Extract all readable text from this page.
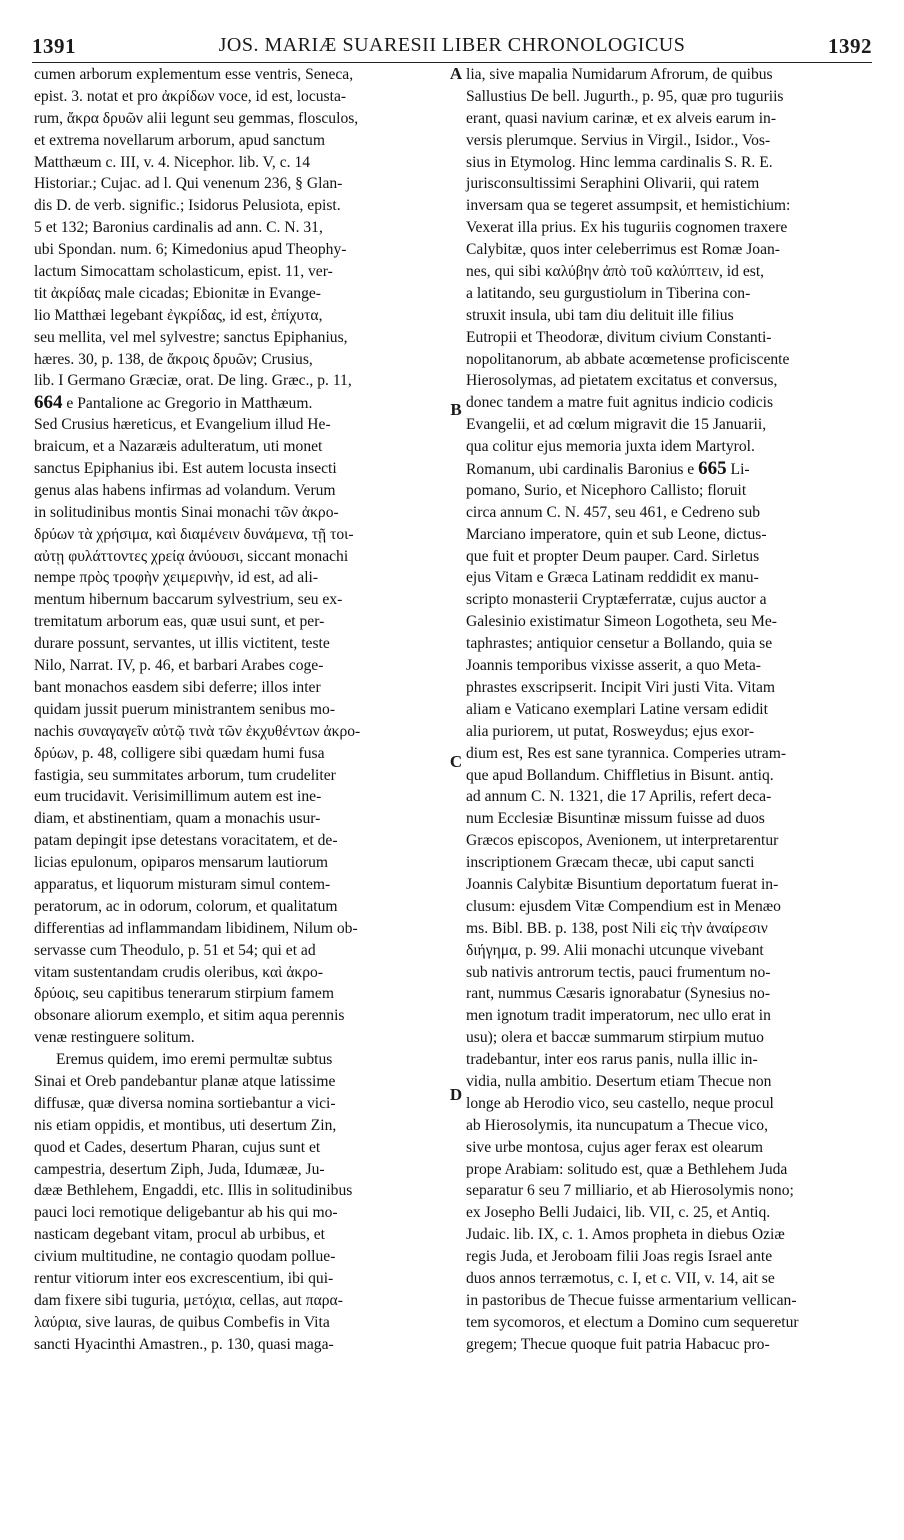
1391	JOS. MARIÆ SUARESII LIBER CHRONOLOGICUS	1392
cumen arborum explementum esse ventris, Seneca,
epist. 3. notat et pro ἀκρίδων voce, id est, locusta-
rum, ἄκρα δρυῶν alii legunt seu gemmas, flosculos,
et extrema novellarum arborum, apud sanctum
Matthæum c. III, v. 4. Nicephor. lib. V, c. 14
Historiar.; Cujac. ad l. Qui venenum 236, § Glan-
dis D. de verb. signific.; Isidorus Pelusiota, epist.
5 et 132; Baronius cardinalis ad ann. C. N. 31,
ubi Spondan. num. 6; Kimedonius apud Theophy-
lactum Simocattam scholasticum, epist. 11, ver-
tit ἀκρίδας male cicadas; Ebionitæ in Evange-
lio Matthæi legebant ἐγκρίδας, id est, ἐπίχυτα,
seu mellita, vel mel sylvestre; sanctus Epiphanius,
hæres. 30, p. 138, de ἄκροις δρυῶν; Crusius,
lib. I Germano Græciæ, orat. De ling. Græc., p. 11,
664 e Pantalione ac Gregorio in Matthæum.
Sed Crusius hæreticus, et Evangelium illud He-
braicum, et a Nazaræis adulteratum, uti monet
sanctus Epiphanius ibi. Est autem locusta insecti
genus alas habens infirmas ad volandum. Verum
in solitudinibus montis Sinai monachi τῶν ἀκρο-
δρύων τὰ χρήσιμα, καὶ διαμένειν δυνάμενα, τῇ τοι-
αὐτῃ φυλάττοντες χρείᾳ ἀνύουσι, siccant monachi
nempe πρὸς τροφὴν χειμερινὴν, id est, ad ali-
mentum hibernum baccarum sylvestrium, seu ex-
tremitatum arborum eas, quæ usui sunt, et per-
durare possunt, servantes, ut illis victitent, teste
Nilo, Narrat. IV, p. 46, et barbari Arabes coge-
bant monachos easdem sibi deferre; illos inter
quidam jussit puerum ministrantem senibus mo-
nachis συναγαγεῖν αὐτῷ τινὰ τῶν ἐκχυθέντων ἀκρο-
δρύων, p. 48, colligere sibi quædam humi fusa
fastigia, seu summitates arborum, tum crudeliter
eum trucidavit. Verisimillimum autem est ine-
diam, et abstinentiam, quam a monachis usur-
patam depingit ipse detestans voracitatem, et de-
licias epulonum, opiparos mensarum lautiorum
apparatus, et liquorum misturam simul contem-
peratorum, ac in odorum, colorum, et qualitatum
differentias ad inflammandam libidinem, Nilum ob-
servasse cum Theodulo, p. 51 et 54; qui et ad
vitam sustentandam crudis oleribus, καὶ ἀκρο-
δρύοις, seu capitibus tenerarum stirpium famem
obsonare aliorum exemplo, et sitim aqua perennis
venæ restinguere solitum.
Eremus quidem, imo eremi permultæ subtus
Sinai et Oreb pandebantur planæ atque latissime
diffusæ, quæ diversa nomina sortiebantur a vici-
nis etiam oppidis, et montibus, uti desertum Zin,
quod et Cades, desertum Pharan, cujus sunt et
campestria, desertum Ziph, Juda, Idumææ, Ju-
dææ Bethlehem, Engaddi, etc. Illis in solitudinibus
pauci loci remotique deligebantur ab his qui mo-
nasticam degebant vitam, procul ab urbibus, et
civium multitudine, ne contagio quodam pollue-
rentur vitiorum inter eos excrescentium, ibi qui-
dam fixere sibi tuguria, μετόχια, cellas, aut παρα-
λαύρια, sive lauras, de quibus Combefis in Vita
sancti Hyacinthi Amastren., p. 130, quasi maga-
lia, sive mapalia Numidarum Afrorum, de quibus
Sallustius De bell. Jugurth., p. 95, quæ pro tuguriis
erant, quasi navium carinæ, et ex alveis earum in-
versis plerumque. Servius in Virgil., Isidor., Vos-
sius in Etymolog. Hinc lemma cardinalis S. R. E.
jurisconsultissimi Seraphini Olivarii, qui ratem
inversam qua se tegeret assumpsit, et hemistichium:
Vexerat illa prius. Ex his tuguriis cognomen traxere
Calybitæ, quos inter celeberrimus est Romæ Joan-
nes, qui sibi καλύβην ἀπὸ τοῦ καλύπτειν, id est,
a latitando, seu gurgustiolum in Tiberina con-
struxit insula, ubi tam diu delituit ille filius
Eutropii et Theodoræ, divitum civium Constanti-
nopolitanorum, ab abbate acœmetense proficiscente
Hierosolymas, ad pietatem excitatus et conversus,
donec tandem a matre fuit agnitus indicio codicis
Evangelii, et ad cœlum migravit die 15 Januarii,
qua colitur ejus memoria juxta idem Martyrol.
Romanum, ubi cardinalis Baronius e 665 Li-
pomano, Surio, et Nicephoro Callisto; floruit
circa annum C. N. 457, seu 461, e Cedreno sub
Marciano imperatore, quin et sub Leone, dictus-
que fuit et propter Deum pauper. Card. Sirletus
ejus Vitam e Græca Latinam reddidit ex manu-
scripto monasterii Cryptæferratæ, cujus auctor a
Galesinio existimatur Simeon Logotheta, seu Me-
taphrastes; antiquior censetur a Bollando, quia se
Joannis temporibus vixisse asserit, a quo Meta-
phrastes exscripserit. Incipit Viri justi Vita. Vitam
aliam e Vaticano exemplari Latine versam edidit
alia puriorem, ut putat, Rosweydus; ejus exor-
dium est, Res est sane tyrannica. Comperies utram-
que apud Bollandum. Chiffletius in Bisunt. antiq.
ad annum C. N. 1321, die 17 Aprilis, refert deca-
num Ecclesiæ Bisuntinæ missum fuisse ad duos
Græcos episcopos, Avenionem, ut interpretarentur
inscriptionem Græcam thecæ, ubi caput sancti
Joannis Calybitæ Bisuntium deportatum fuerat in-
clusum: ejusdem Vitæ Compendium est in Menæo
ms. Bibl. BB. p. 138, post Nili εἰς τὴν ἀναίρεσιν
διήγημα, p. 99. Alii monachi utcunque vivebant
sub nativis antrorum tectis, pauci frumentum no-
rant, nummus Cæsaris ignorabatur (Synesius no-
men ignotum tradit imperatorum, nec ullo erat in
usu); olera et baccæ summarum stirpium mutuo
tradebantur, inter eos rarus panis, nulla illic in-
vidia, nulla ambitio. Desertum etiam Thecue non
longe ab Herodio vico, seu castello, neque procul
ab Hierosolymis, ita nuncupatum a Thecue vico,
sive urbe montosa, cujus ager ferax est olearum
prope Arabiam: solitudo est, quæ a Bethlehem Juda
separatur 6 seu 7 milliario, et ab Hierosolymis nono;
ex Josepho Belli Judaici, lib. VII, c. 25, et Antiq.
Judaic. lib. IX, c. 1. Amos propheta in diebus Oziæ
regis Juda, et Jeroboam filii Joas regis Israel ante
duos annos terræmotus, c. I, et c. VII, v. 14, ait se
in pastoribus de Thecue fuisse armentarium vellican-
tem sycomoros, et electum a Domino cum sequeretur
gregem; Thecue quoque fuit patria Habacuc pro-
A
B
C
D
